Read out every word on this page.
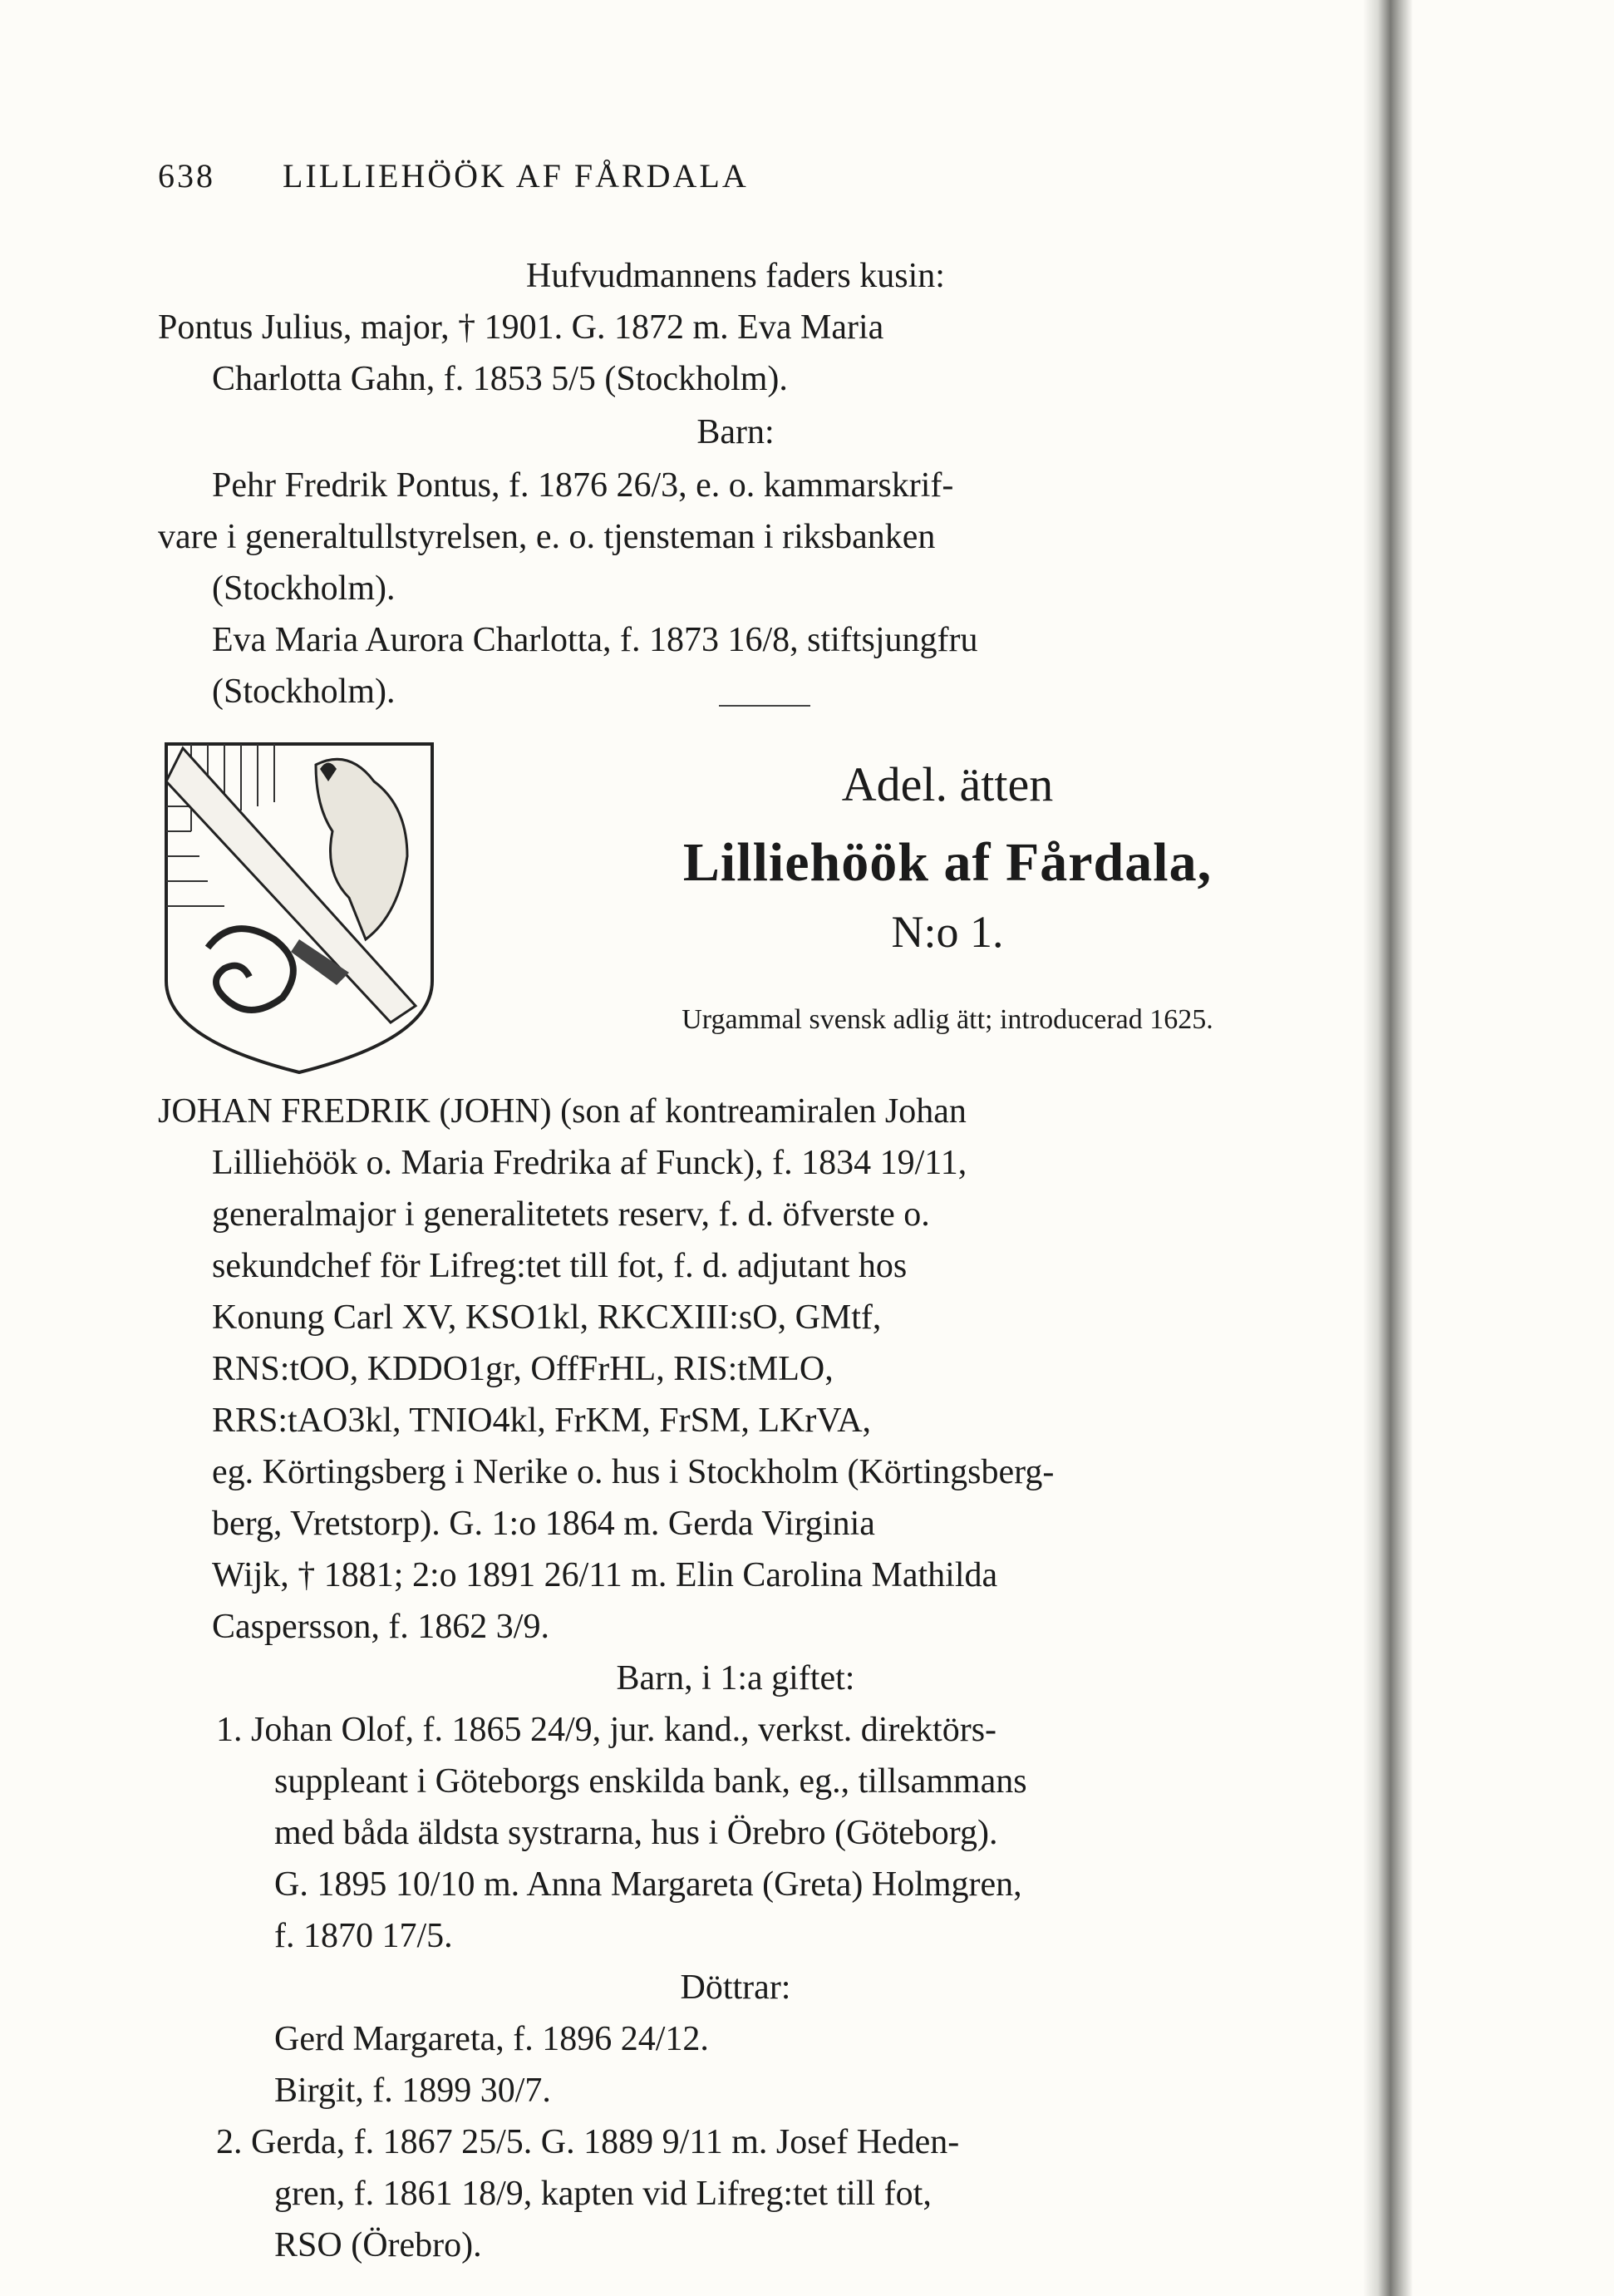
638 LILLIEHÖÖK AF FÅRDALA
Hufvudmannens faders kusin:
Pontus Julius, major, † 1901. G. 1872 m. Eva Maria
Charlotta Gahn, f. 1853 5/5 (Stockholm).
Barn:
Pehr Fredrik Pontus, f. 1876 26/3, e. o. kammarskrif-
vare i generaltullstyrelsen, e. o. tjensteman i riksbanken
(Stockholm).
Eva Maria Aurora Charlotta, f. 1873 16/8, stiftsjungfru
(Stockholm).
Adel. ätten
Lilliehöök af Fårdala,
N:o 1.
Urgammal svensk adlig ätt; introducerad 1625.
JOHAN FREDRIK (JOHN) (son af kontreamiralen Johan
Lilliehöök o. Maria Fredrika af Funck), f. 1834 19/11,
generalmajor i generalitetets reserv, f. d. öfverste o.
sekundchef för Lifreg:tet till fot, f. d. adjutant hos
Konung Carl XV, KSO1kl, RKCXIII:sO, GMtf,
RNS:tOO, KDDO1gr, OffFrHL, RIS:tMLO,
RRS:tAO3kl, TNIO4kl, FrKM, FrSM, LKrVA,
eg. Körtingsberg i Nerike o. hus i Stockholm (Körtingsberg-
berg, Vretstorp). G. 1:o 1864 m. Gerda Virginia
Wijk, † 1881; 2:o 1891 26/11 m. Elin Carolina Mathilda
Caspersson, f. 1862 3/9.
Barn, i 1:a giftet:
1. Johan Olof, f. 1865 24/9, jur. kand., verkst. direktörs-
suppleant i Göteborgs enskilda bank, eg., tillsammans
med båda äldsta systrarna, hus i Örebro (Göteborg).
G. 1895 10/10 m. Anna Margareta (Greta) Holmgren,
f. 1870 17/5.
Döttrar:
Gerd Margareta, f. 1896 24/12.
Birgit, f. 1899 30/7.
2. Gerda, f. 1867 25/5. G. 1889 9/11 m. Josef Heden-
gren, f. 1861 18/9, kapten vid Lifreg:tet till fot,
RSO (Örebro).
